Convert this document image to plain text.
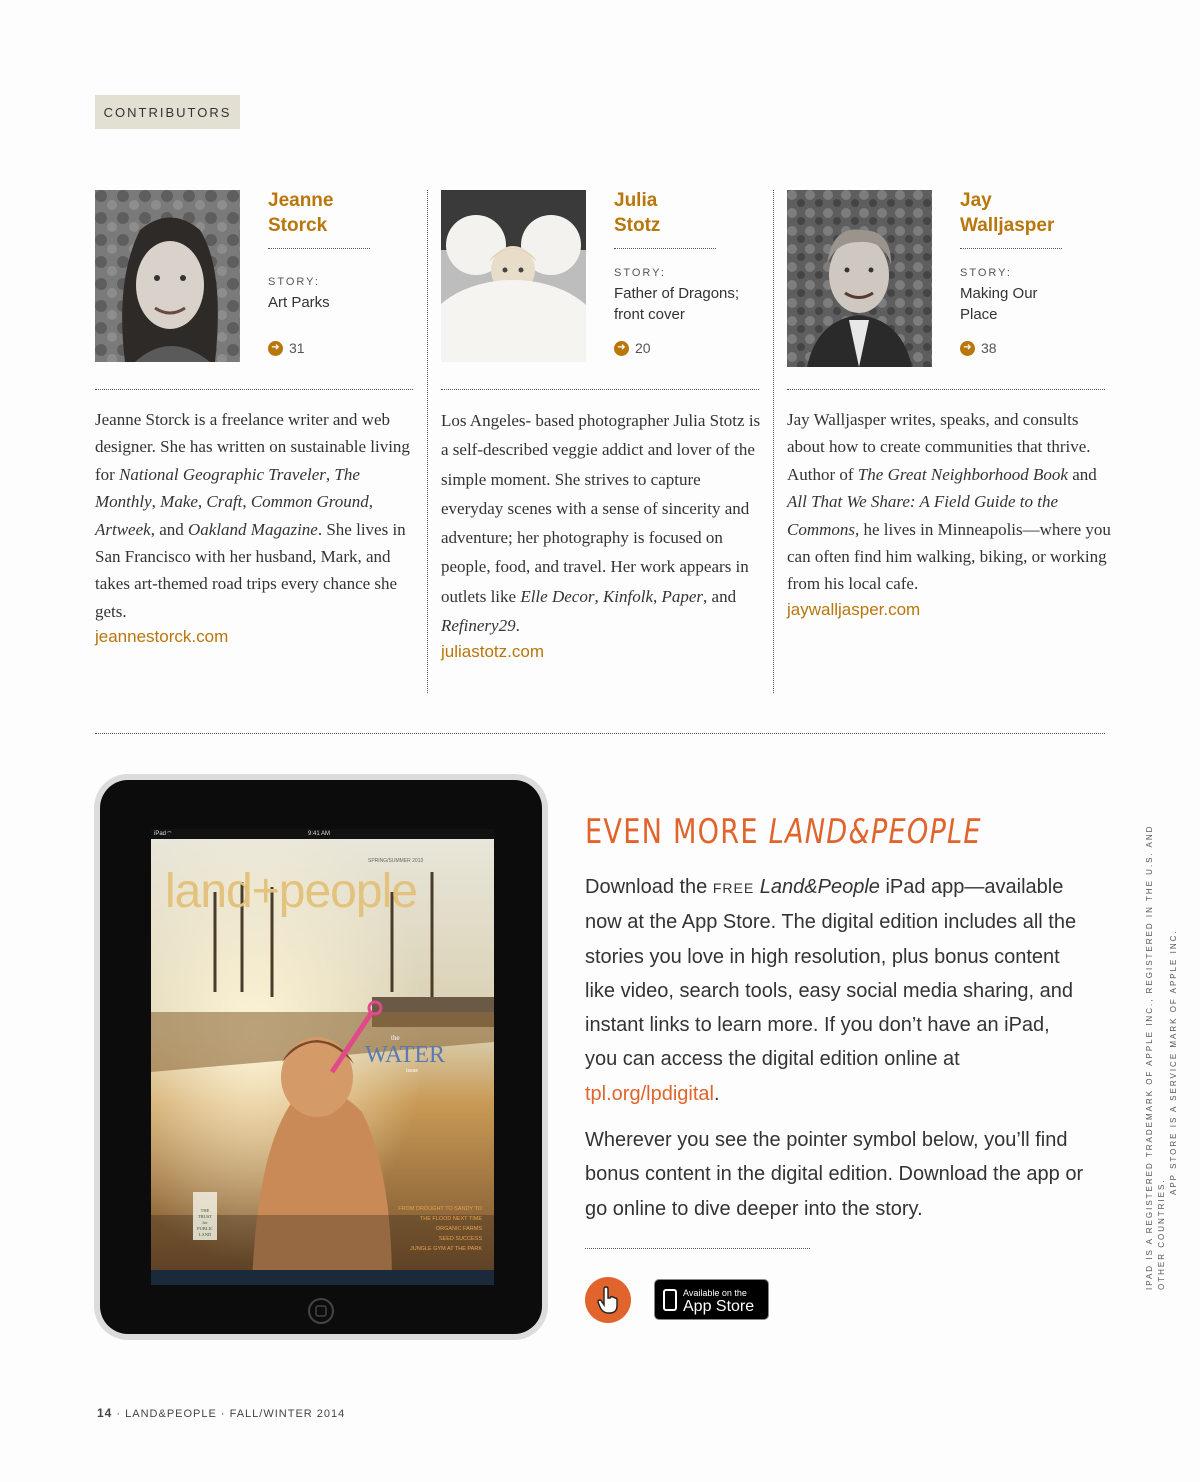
CONTRIBUTORS
Jeanne
Storck
STORY:
Art Parks
➜ 31
Julia
Stotz
STORY:
Father of Dragons;
front cover
➜ 20
Jay
Walljasper
STORY:
Making Our
Place
➜ 38
Jeanne Storck is a freelance writer and web designer. She has written on sustainable living for National Geographic Traveler, The Monthly, Make, Craft, Common Ground, Artweek, and Oakland Magazine. She lives in San Francisco with her husband, Mark, and takes art-themed road trips every chance she gets.
jeannestorck.com
Los Angeles- based photographer Julia Stotz is a self-described veggie addict and lover of the simple moment. She strives to capture everyday scenes with a sense of sincerity and adventure; her photography is focused on people, food, and travel. Her work appears in outlets like Elle Decor, Kinfolk, Paper, and Refinery29.
juliastotz.com
Jay Walljasper writes, speaks, and consults about how to create communities that thrive. Author of The Great Neighborhood Book and All That We Share: A Field Guide to the Commons, he lives in Minneapolis—where you can often find him walking, biking, or working from his local cafe.
jaywalljasper.com
iPad ⌔	9:41 AM
land+people
SPRING/SUMMER 2013
the
WATER
issue
FROM DROUGHT TO SANDY TO
THE FLOOD NEXT TIME
ORGANIC FARMS
SEED SUCCESS
JUNGLE GYM AT THE PARK
THE
TRUST
for
PUBLIC
LAND
EVEN MORE LAND&PEOPLE
Download the FREE Land&People iPad app—available now at the App Store. The digital edition includes all the stories you love in high resolution, plus bonus content like video, search tools, easy social media sharing, and instant links to learn more. If you don’t have an iPad, you can access the digital edition online at tpl.org/lpdigital.
Wherever you see the pointer symbol below, you’ll find bonus content in the digital edition. Download the app or go online to dive deeper into the story.
Available on the
App Store
IPAD IS A REGISTERED TRADEMARK OF APPLE INC., REGISTERED IN THE U.S. AND OTHER COUNTRIES.
APP STORE IS A SERVICE MARK OF APPLE INC.
14 · LAND&PEOPLE · FALL/WINTER 2014
